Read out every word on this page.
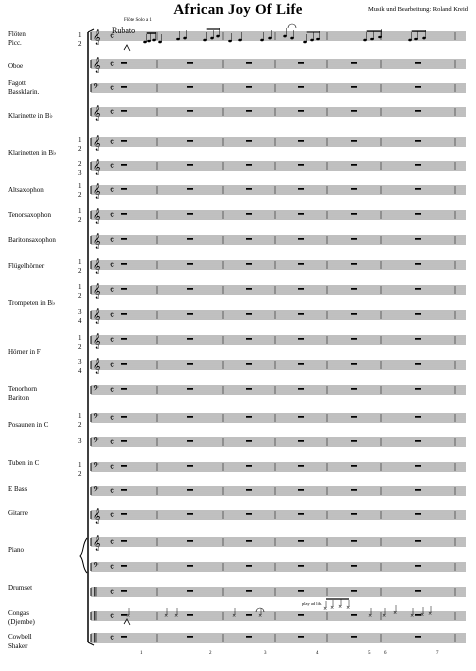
African Joy Of Life	Musik und Bearbeitung: Roland Kreid
Rubato
Flöte Solo a 1
play ad lib.
Flöten
Picc.
Oboe
Fagott
Bassklarin.
Klarinette in B♭
Klarinetten in B♭
Altsaxophon
Tenorsaxophon
Baritonsaxophon
Flügelhörner
Trompeten in B♭
Hörner in F
Tenorhorn
Bariton
Posaunen in C
Tuben in C
E Bass
Gitarre
Piano
Drumset
Congas
(Djembe)
Cowbell
Shaker
1
2
1
2
2
3
1
2
1
2
1
2
1
2
3
4
1
2
3
4
1
2
3
1
2
1	2	3	4	5	6	7
𝄞 𝄴
𝄞 𝄴
𝄢 𝄴
𝄞 𝄴
𝄞 𝄴
𝄞 𝄴
𝄞 𝄴
𝄞 𝄴
𝄞 𝄴
𝄞 𝄴
𝄞 𝄴
𝄞 𝄴
𝄞 𝄴
𝄞 𝄴
𝄢 𝄴
𝄢 𝄴
𝄢 𝄴
𝄢 𝄴
𝄢 𝄴
𝄞 𝄴
𝄞 𝄴
𝄢 𝄴
‖ 𝄴
‖ 𝄴
‖ 𝄴
×	× ×	×	×
× × × ×
× × ×	× × ×
